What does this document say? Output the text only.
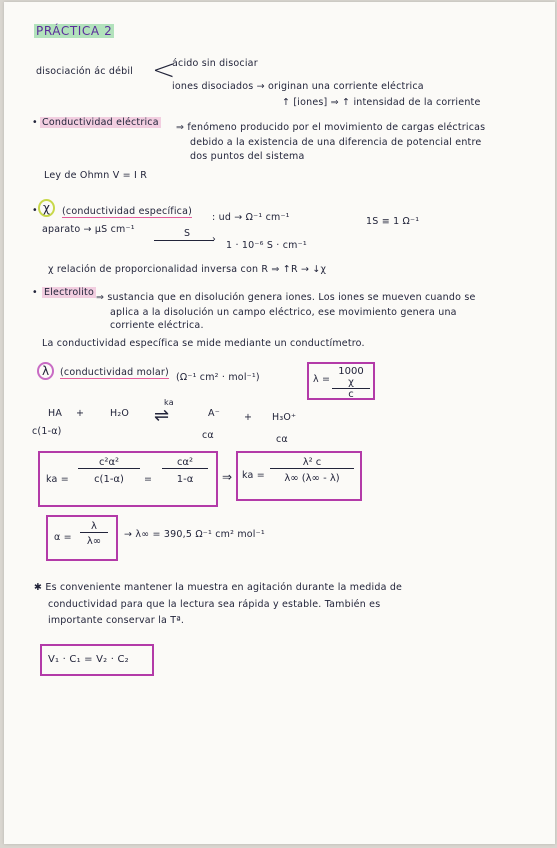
PRÁCTICA 2
disociación ác débil <
ácido sin disociar
iones disociados → originan una corriente eléctrica
↑ [iones] ⇒ ↑ intensidad de la corriente
• Conductividad eléctrica ⇒ fenómeno producido por el movimiento de cargas eléctricas
debido a la existencia de una diferencia de potencial entre
dos puntos del sistema
Ley de Ohmn V = I R
• χ	(conductividad específica)
: ud → Ω⁻¹ cm⁻¹	1S ≡ 1 Ω⁻¹
aparato → µS cm⁻¹	S
›
1 · 10⁻⁶ S · cm⁻¹
χ relación de proporcionalidad inversa con R ⇒ ↑R → ↓χ
• Electrolito ⇒ sustancia que en disolución genera iones. Los iones se mueven cuando se
aplica a la disolución un campo eléctrico, ese movimiento genera una
corriente eléctrica.
La conductividad específica se mide mediante un conductímetro.
λ	(conductividad molar) (Ω⁻¹ cm² · mol⁻¹)	$\lambda = \frac{1000 \chi}{c}$
HA +	H₂O
ka
⇌	A⁻	+ H₃O⁺
c(1-α)	cα	cα
ka = $\frac{\text{c²α²}}{c(1-\alpha)} = \frac{\text{cα²}}{1-\alpha}$ ⇒ ka = $\frac{\text{λ² c}}{\lambda\infty (\lambda\infty - \lambda)}$
$\alpha = \frac{\lambda}{\lambda\infty} \to \lambda\infty = 390,5$ Ω⁻¹ cm² mol⁻¹
✱ Es conveniente mantener la muestra en agitación durante la medida de
conductividad para que la lectura sea rápida y estable. También es
importante conservar la Tª.
V₁ · C₁ = V₂ · C₂
